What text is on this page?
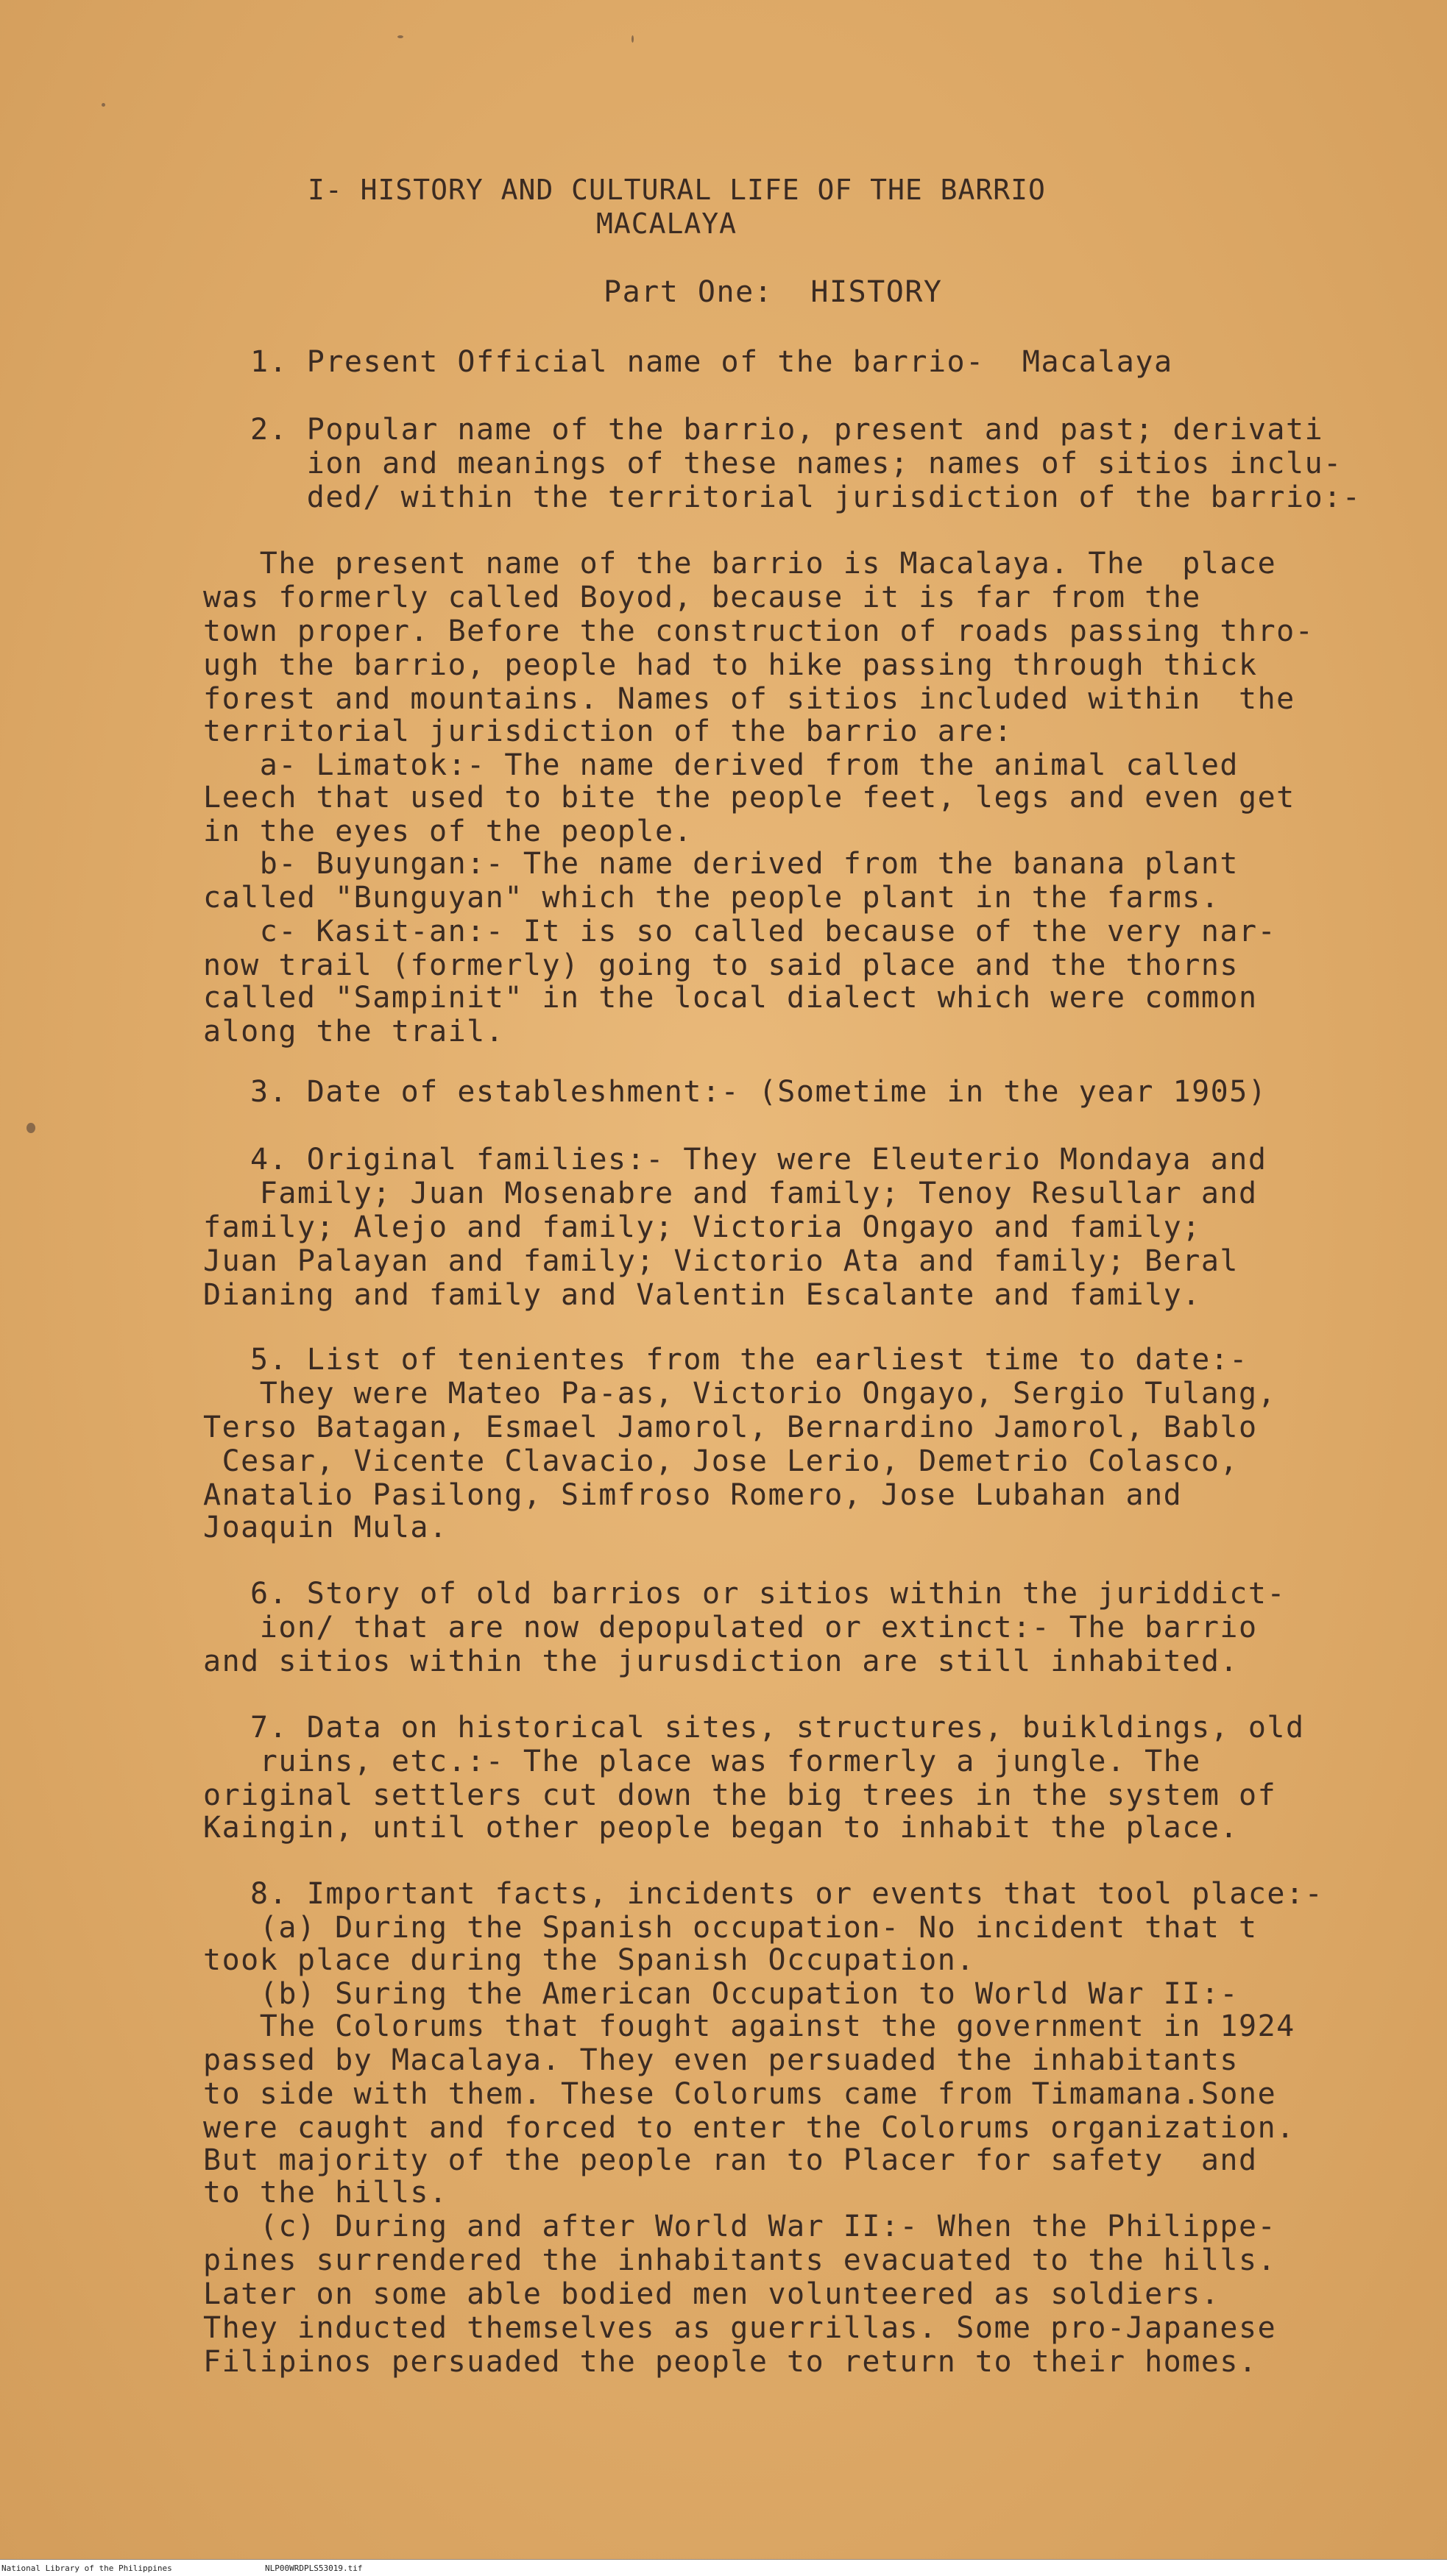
I- HISTORY AND CULTURAL LIFE OF THE BARRIO
MACALAYA
Part One:  HISTORY
1. Present Official name of the barrio-  Macalaya
2. Popular name of the barrio, present and past; derivati
ion and meanings of these names; names of sitios inclu-
ded/ within the territorial jurisdiction of the barrio:-
The present name of the barrio is Macalaya. The  place
was formerly called Boyod, because it is far from the
town proper. Before the construction of roads passing thro-
ugh the barrio, people had to hike passing through thick
forest and mountains. Names of sitios included within  the
territorial jurisdiction of the barrio are:
a- Limatok:- The name derived from the animal called
Leech that used to bite the people feet, legs and even get
in the eyes of the people.
b- Buyungan:- The name derived from the banana plant
called "Bunguyan" which the people plant in the farms.
c- Kasit-an:- It is so called because of the very nar-
now trail (formerly) going to said place and the thorns
called "Sampinit" in the local dialect which were common
along the trail.
3. Date of estableshment:- (Sometime in the year 1905)
4. Original families:- They were Eleuterio Mondaya and
Family; Juan Mosenabre and family; Tenoy Resullar and
family; Alejo and family; Victoria Ongayo and family;
Juan Palayan and family; Victorio Ata and family; Beral
Dianing and family and Valentin Escalante and family.
5. List of tenientes from the earliest time to date:-
They were Mateo Pa-as, Victorio Ongayo, Sergio Tulang,
Terso Batagan, Esmael Jamorol, Bernardino Jamorol, Bablo
Cesar, Vicente Clavacio, Jose Lerio, Demetrio Colasco,
Anatalio Pasilong, Simfroso Romero, Jose Lubahan and
Joaquin Mula.
6. Story of old barrios or sitios within the juriddict-
ion/ that are now depopulated or extinct:- The barrio
and sitios within the jurusdiction are still inhabited.
7. Data on historical sites, structures, buikldings, old
ruins, etc.:- The place was formerly a jungle. The
original settlers cut down the big trees in the system of
Kaingin, until other people began to inhabit the place.
8. Important facts, incidents or events that tool place:-
(a) During the Spanish occupation- No incident that t
took place during the Spanish Occupation.
(b) Suring the American Occupation to World War II:-
The Colorums that fought against the government in 1924
passed by Macalaya. They even persuaded the inhabitants
to side with them. These Colorums came from Timamana.Sone
were caught and forced to enter the Colorums organization.
But majority of the people ran to Placer for safety  and
to the hills.
(c) During and after World War II:- When the Philippe-
pines surrendered the inhabitants evacuated to the hills.
Later on some able bodied men volunteered as soldiers.
They inducted themselves as guerrillas. Some pro-Japanese
Filipinos persuaded the people to return to their homes.
National Library of the Philippines	NLP00WRDPLS53019.tif
